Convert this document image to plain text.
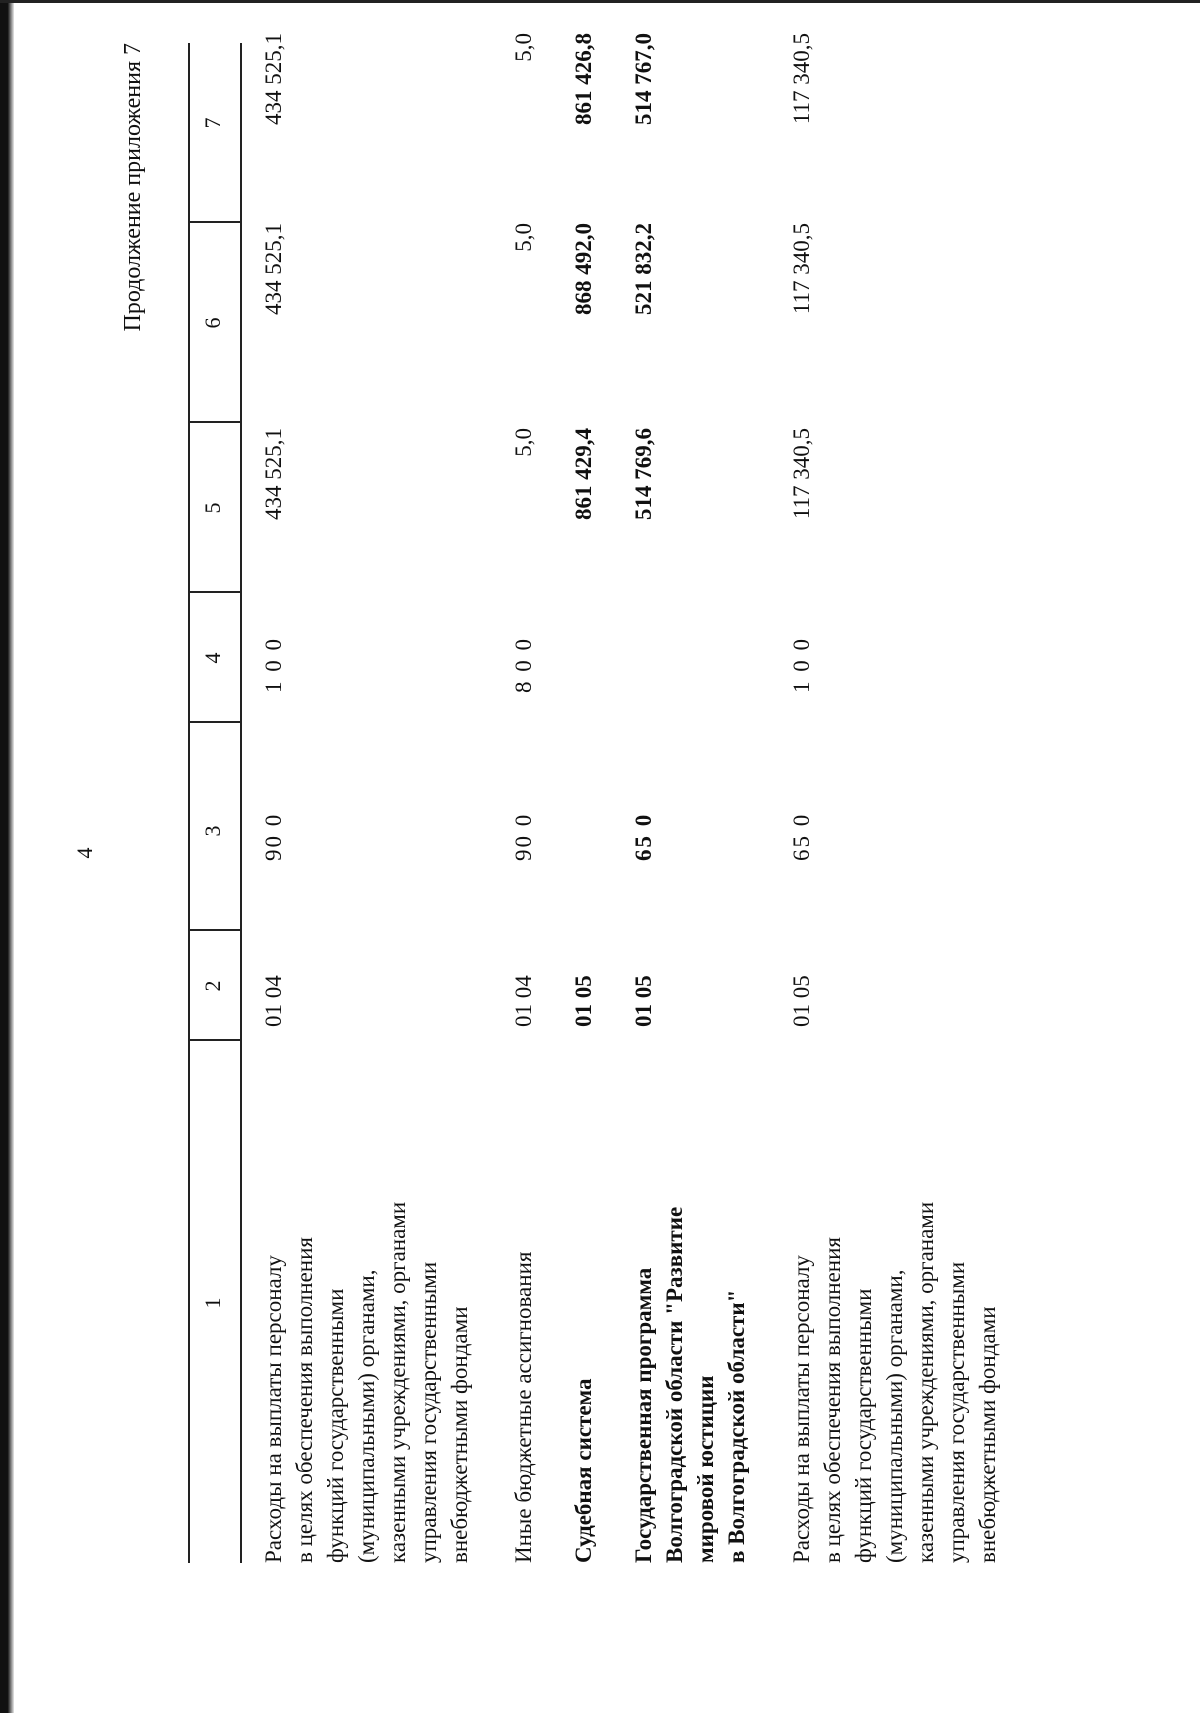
4
Продолжение приложения 7
1
2
3
4
5
6
7
Расходы на выплаты персоналу в целях обеспечения выполнения функций государственными (муниципальными) органами, казенными учреждениями, органами управления государственными внебюджетными фондами
01 04
90 0
1 0 0
434 525,1
434 525,1
434 525,1
Иные бюджетные ассигнования
01 04
90 0
8 0 0
5,0
5,0
5,0
Судебная система
01 05
861 429,4
868 492,0
861 426,8
Государственная программа Волгоградской области "Развитие мировой юстиции в Волгоградской области"
01 05
65 0
514 769,6
521 832,2
514 767,0
Расходы на выплаты персоналу в целях обеспечения выполнения функций государственными (муниципальными) органами, казенными учреждениями, органами управления государственными внебюджетными фондами
01 05
65 0
1 0 0
117 340,5
117 340,5
117 340,5
